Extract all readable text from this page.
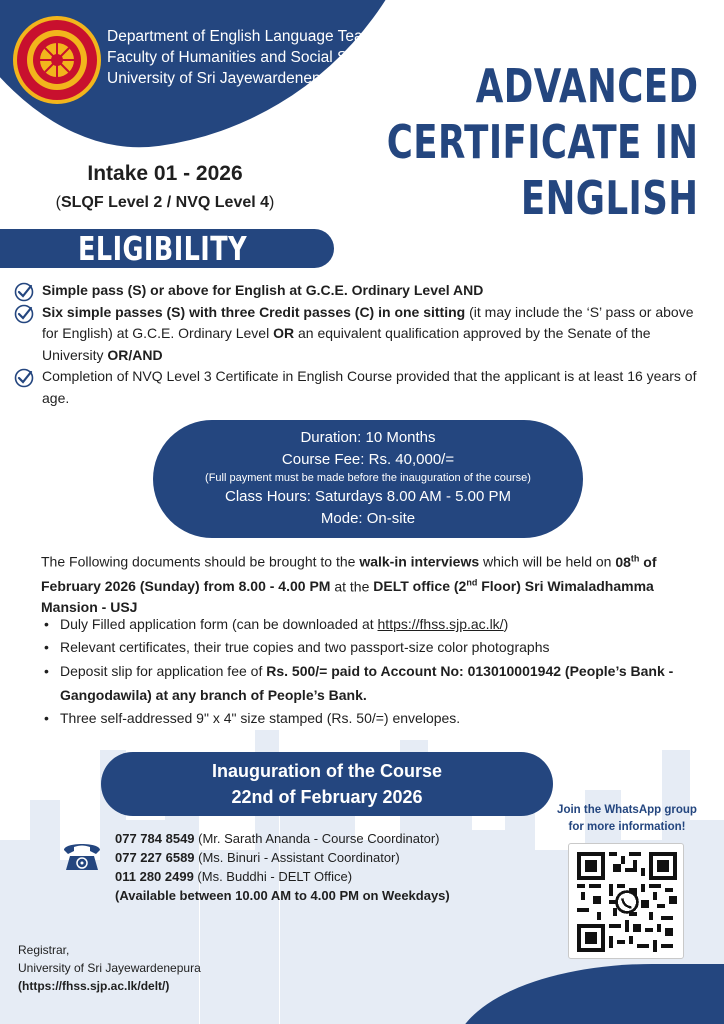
Department of English Language Teaching
Faculty of Humanities and Social Sciences
University of Sri Jayewardenepura	ADVANCED
CERTIFICATE IN
ENGLISH
Intake 01 - 2026
(SLQF Level 2 / NVQ Level 4)
ELIGIBILITY
Simple pass (S) or above for English at G.C.E. Ordinary Level AND
Six simple passes (S) with three Credit passes (C) in one sitting (it may include the ‘S’ pass or above for English) at G.C.E. Ordinary Level OR an equivalent qualification approved by the Senate of the University OR/AND
Completion of NVQ Level 3 Certificate in English Course provided that the applicant is at least 16 years of age.
Duration: 10 Months
Course Fee: Rs. 40,000/=
(Full payment must be made before the inauguration of the course)
Class Hours: Saturdays 8.00 AM - 5.00 PM
Mode: On-site
The Following documents should be brought to the walk-in interviews which will be held on 08th of February 2026 (Sunday) from 8.00 - 4.00 PM at the DELT office (2nd Floor) Sri Wimaladhamma Mansion - USJ
• Duly Filled application form (can be downloaded at https://fhss.sjp.ac.lk/)
• Relevant certificates, their true copies and two passport-size color photographs
• Deposit slip for application fee of Rs. 500/= paid to Account No: 013010001942 (People’s Bank - Gangodawila) at any branch of People’s Bank.
• Three self-addressed 9" x 4" size stamped (Rs. 50/=) envelopes.
Inauguration of the Course
22nd of February 2026
077 784 8549 (Mr. Sarath Ananda - Course Coordinator)
077 227 6589 (Ms. Binuri - Assistant Coordinator)
011 280 2499 (Ms. Buddhi - DELT Office)
(Available between 10.00 AM to 4.00 PM on Weekdays)
Join the WhatsApp group
for more information!
Registrar,
University of Sri Jayewardenepura
(https://fhss.sjp.ac.lk/delt/)
